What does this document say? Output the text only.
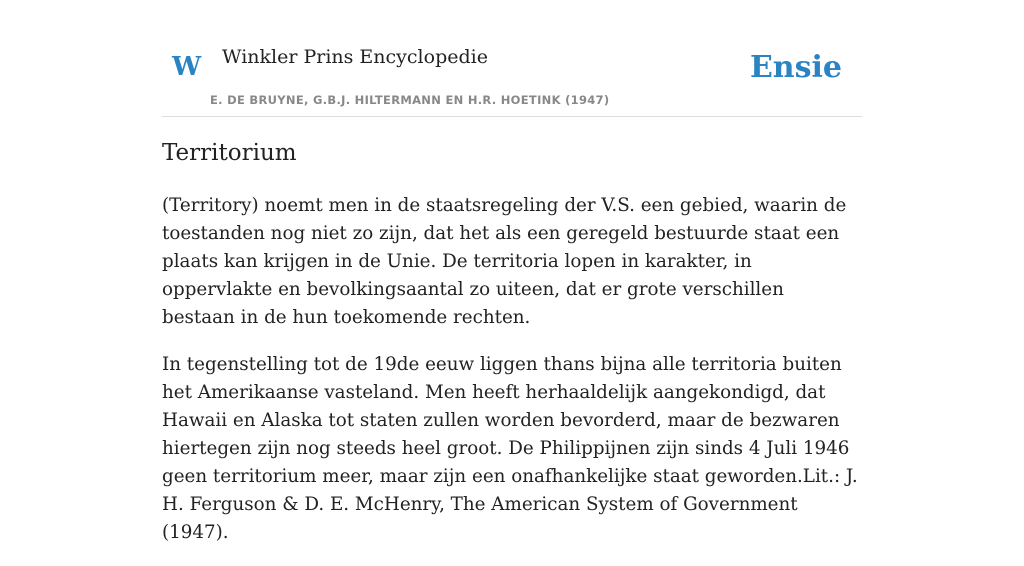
W Winkler Prins Encyclopedie
E. DE BRUYNE, G.B.J. HILTERMANN EN H.R. HOETINK (1947)
Ensie
Territorium

(Territory) noemt men in de staatsregeling der V.S. een gebied, waarin de toestanden nog niet zo zijn, dat het als een geregeld bestuurde staat een plaats kan krijgen in de Unie. De territoria lopen in karakter, in oppervlakte en bevolkingsaantal zo uiteen, dat er grote verschillen bestaan in de hun toekomende rechten.

In tegenstelling tot de 19de eeuw liggen thans bijna alle territoria buiten het Amerikaanse vasteland. Men heeft herhaaldelijk aangekondigd, dat Hawaii en Alaska tot staten zullen worden bevorderd, maar de bezwaren hiertegen zijn nog steeds heel groot. De Philippijnen zijn sinds 4 Juli 1946 geen territorium meer, maar zijn een onafhankelijke staat geworden.Lit.: J. H. Ferguson & D. E. McHenry, The American System of Government (1947).
